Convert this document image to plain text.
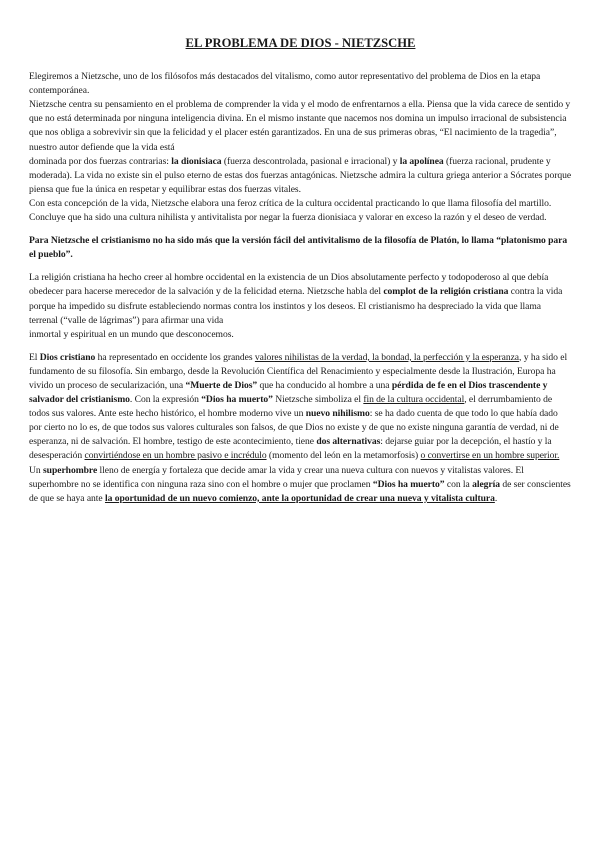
EL PROBLEMA DE DIOS - NIETZSCHE

Elegiremos a Nietzsche, uno de los filósofos más destacados del vitalismo, como autor representativo del problema de Dios en la etapa contemporánea.

Nietzsche centra su pensamiento en el problema de comprender la vida y el modo de enfrentarnos a ella. Piensa que la vida carece de sentido y que no está determinada por ninguna inteligencia divina. En el mismo instante que nacemos nos domina un impulso irracional de subsistencia que nos obliga a sobrevivir sin que la felicidad y el placer estén garantizados. En una de sus primeras obras, “El nacimiento de la tragedia”, nuestro autor defiende que la vida está

dominada por dos fuerzas contrarias: la dionisiaca (fuerza descontrolada, pasional e irracional) y la apolínea (fuerza racional, prudente y moderada). La vida no existe sin el pulso eterno de estas dos fuerzas antagónicas. Nietzsche admira la cultura griega anterior a Sócrates porque piensa que fue la única en respetar y equilibrar estas dos fuerzas vitales.

Con esta concepción de la vida, Nietzsche elabora una feroz crítica de la cultura occidental practicando lo que llama filosofía del martillo. Concluye que ha sido una cultura nihilista y antivitalista por negar la fuerza dionisiaca y valorar en exceso la razón y el deseo de verdad.

Para Nietzsche el cristianismo no ha sido más que la versión fácil del antivitalismo de la filosofía de Platón, lo llama “platonismo para el pueblo”.

La religión cristiana ha hecho creer al hombre occidental en la existencia de un Dios absolutamente perfecto y todopoderoso al que debía obedecer para hacerse merecedor de la salvación y de la felicidad eterna. Nietzsche habla del complot de la religión cristiana contra la vida porque ha impedido su disfrute estableciendo normas contra los instintos y los deseos. El cristianismo ha despreciado la vida que llama terrenal (“valle de lágrimas”) para afirmar una vida

inmortal y espiritual en un mundo que desconocemos.

El Dios cristiano ha representado en occidente los grandes valores nihilistas de la verdad, la bondad, la perfección y la esperanza, y ha sido el fundamento de su filosofía. Sin embargo, desde la Revolución Científica del Renacimiento y especialmente desde la Ilustración, Europa ha vivido un proceso de secularización, una “Muerte de Dios” que ha conducido al hombre a una pérdida de fe en el Dios trascendente y salvador del cristianismo. Con la expresión “Dios ha muerto” Nietzsche simboliza el fin de la cultura occidental, el derrumbamiento de todos sus valores. Ante este hecho histórico, el hombre moderno vive un nuevo nihilismo: se ha dado cuenta de que todo lo que había dado por cierto no lo es, de que todos sus valores culturales son falsos, de que Dios no existe y de que no existe ninguna garantía de verdad, ni de esperanza, ni de salvación. El hombre, testigo de este acontecimiento, tiene dos alternativas: dejarse guiar por la decepción, el hastío y la desesperación convirtiéndose en un hombre pasivo e incrédulo (momento del león en la metamorfosis) o convertirse en un hombre superior. Un superhombre lleno de energía y fortaleza que decide amar la vida y crear una nueva cultura con nuevos y vitalistas valores. El superhombre no se identifica con ninguna raza sino con el hombre o mujer que proclamen “Dios ha muerto” con la alegría de ser conscientes de que se haya ante la oportunidad de un nuevo comienzo, ante la oportunidad de crear una nueva y vitalista cultura.
